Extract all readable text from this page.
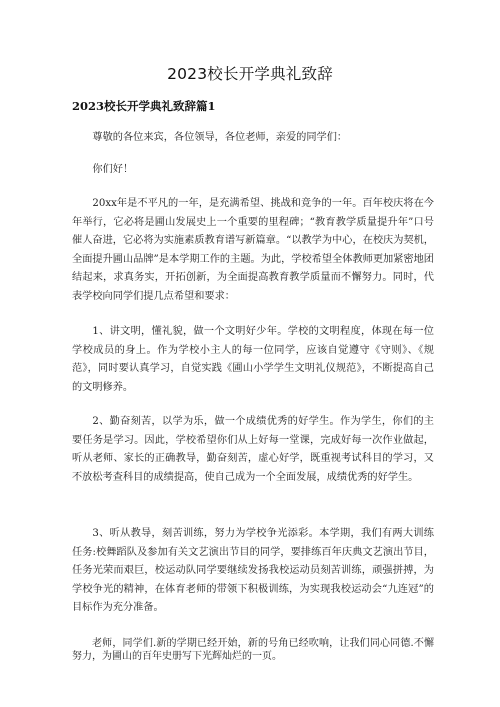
2023校长开学典礼致辞
2023校长开学典礼致辞篇1

尊敬的各位来宾，各位领导，各位老师，亲爱的同学们：

你们好！

20xx年是不平凡的一年，是充满希望、挑战和竞争的一年。百年校庆将在今年举行，它必将是圃山发展史上一个重要的里程碑；“教育教学质量提升年”口号催人奋进，它必将为实施素质教育谱写新篇章。“以教学为中心，在校庆为契机，全面提升圃山品牌”是本学期工作的主题。为此，学校希望全体教师更加紧密地团结起来，求真务实，开拓创新，为全面提高教育教学质量而不懈努力。同时，代表学校向同学们提几点希望和要求：

1、讲文明，懂礼貌，做一个文明好少年。学校的文明程度，体现在每一位学校成员的身上。作为学校小主人的每一位同学，应该自觉遵守《守则》、《规范》，同时要认真学习，自觉实践《圃山小学学生文明礼仪规范》，不断提高自己的文明修养。

2、勤奋刻苦，以学为乐，做一个成绩优秀的好学生。作为学生，你们的主要任务是学习。因此，学校希望你们从上好每一堂课，完成好每一次作业做起，听从老师、家长的正确教导，勤奋刻苦，虚心好学，既重视考试科目的学习，又不放松考查科目的成绩提高，使自己成为一个全面发展，成绩优秀的好学生。

3、听从教导，刻苦训练，努力为学校争光添彩。本学期，我们有两大训练任务:校舞蹈队及参加有关文艺演出节目的同学，要排练百年庆典文艺演出节目，任务光荣而艰巨，校运动队同学要继续发扬我校运动员刻苦训练，顽强拼搏，为学校争光的精神，在体育老师的带领下积极训练，为实现我校运动会“九连冠”的目标作为充分准备。

老师，同学们.新的学期已经开始，新的号角已经吹响，让我们同心同德.不懈努力，为圃山的百年史册写下光辉灿烂的一页。
